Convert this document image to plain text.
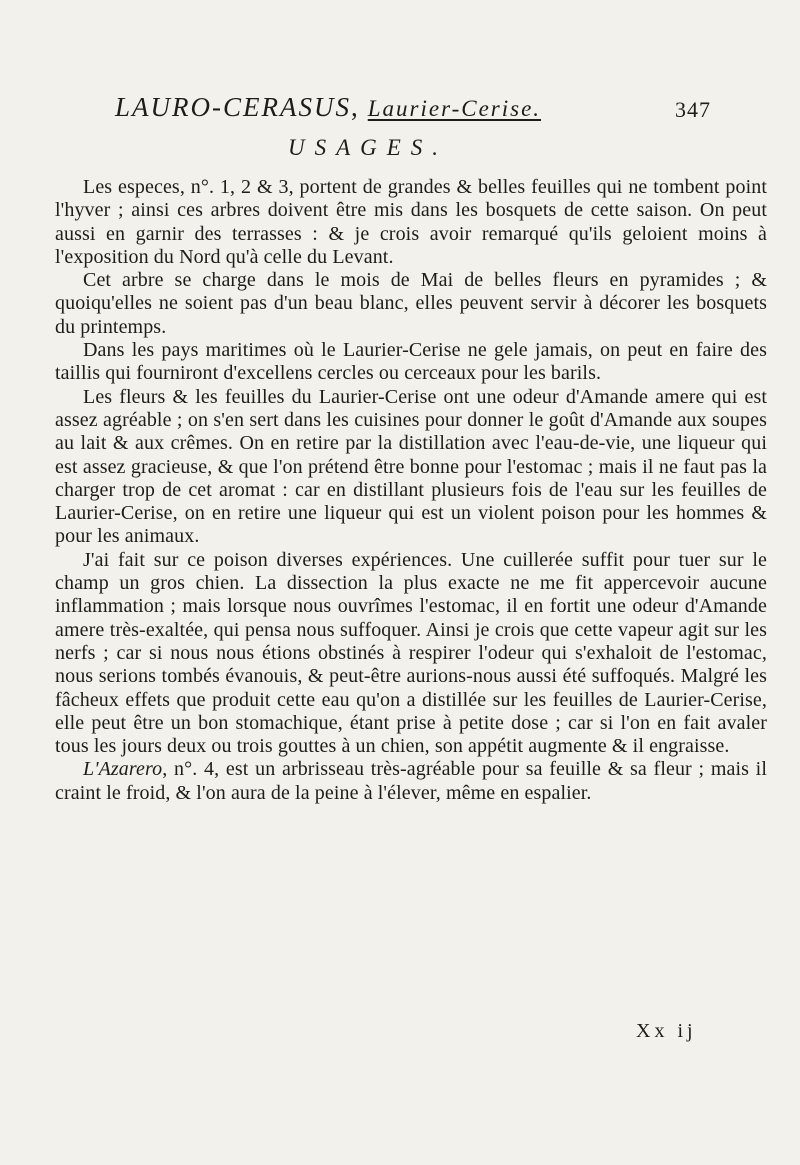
LAURO-CERASUS, Laurier-Cerise.	347
USAGES.

Les especes, n°. 1, 2 & 3, portent de grandes & belles feuilles qui ne tombent point l'hyver ; ainsi ces arbres doivent être mis dans les bosquets de cette saison. On peut aussi en garnir des terrasses : & je crois avoir remarqué qu'ils geloient moins à l'exposition du Nord qu'à celle du Levant.

Cet arbre se charge dans le mois de Mai de belles fleurs en pyramides ; & quoiqu'elles ne soient pas d'un beau blanc, elles peuvent servir à décorer les bosquets du printemps.

Dans les pays maritimes où le Laurier-Cerise ne gele jamais, on peut en faire des taillis qui fourniront d'excellens cercles ou cerceaux pour les barils.

Les fleurs & les feuilles du Laurier-Cerise ont une odeur d'Amande amere qui est assez agréable ; on s'en sert dans les cuisines pour donner le goût d'Amande aux soupes au lait & aux crêmes. On en retire par la distillation avec l'eau-de-vie, une liqueur qui est assez gracieuse, & que l'on prétend être bonne pour l'estomac ; mais il ne faut pas la charger trop de cet aromat : car en distillant plusieurs fois de l'eau sur les feuilles de Laurier-Cerise, on en retire une liqueur qui est un violent poison pour les hommes & pour les animaux.

J'ai fait sur ce poison diverses expériences. Une cuillerée suffit pour tuer sur le champ un gros chien. La dissection la plus exacte ne me fit appercevoir aucune inflammation ; mais lorsque nous ouvrîmes l'estomac, il en fortit une odeur d'Amande amere très-exaltée, qui pensa nous suffoquer. Ainsi je crois que cette vapeur agit sur les nerfs ; car si nous nous étions obstinés à respirer l'odeur qui s'exhaloit de l'estomac, nous serions tombés évanouis, & peut-être aurions-nous aussi été suffoqués. Malgré les fâcheux effets que produit cette eau qu'on a distillée sur les feuilles de Laurier-Cerise, elle peut être un bon stomachique, étant prise à petite dose ; car si l'on en fait avaler tous les jours deux ou trois gouttes à un chien, son appétit augmente & il engraisse.

L'Azarero, n°. 4, est un arbrisseau très-agréable pour sa feuille & sa fleur ; mais il craint le froid, & l'on aura de la peine à l'élever, même en espalier.

Xx ij
